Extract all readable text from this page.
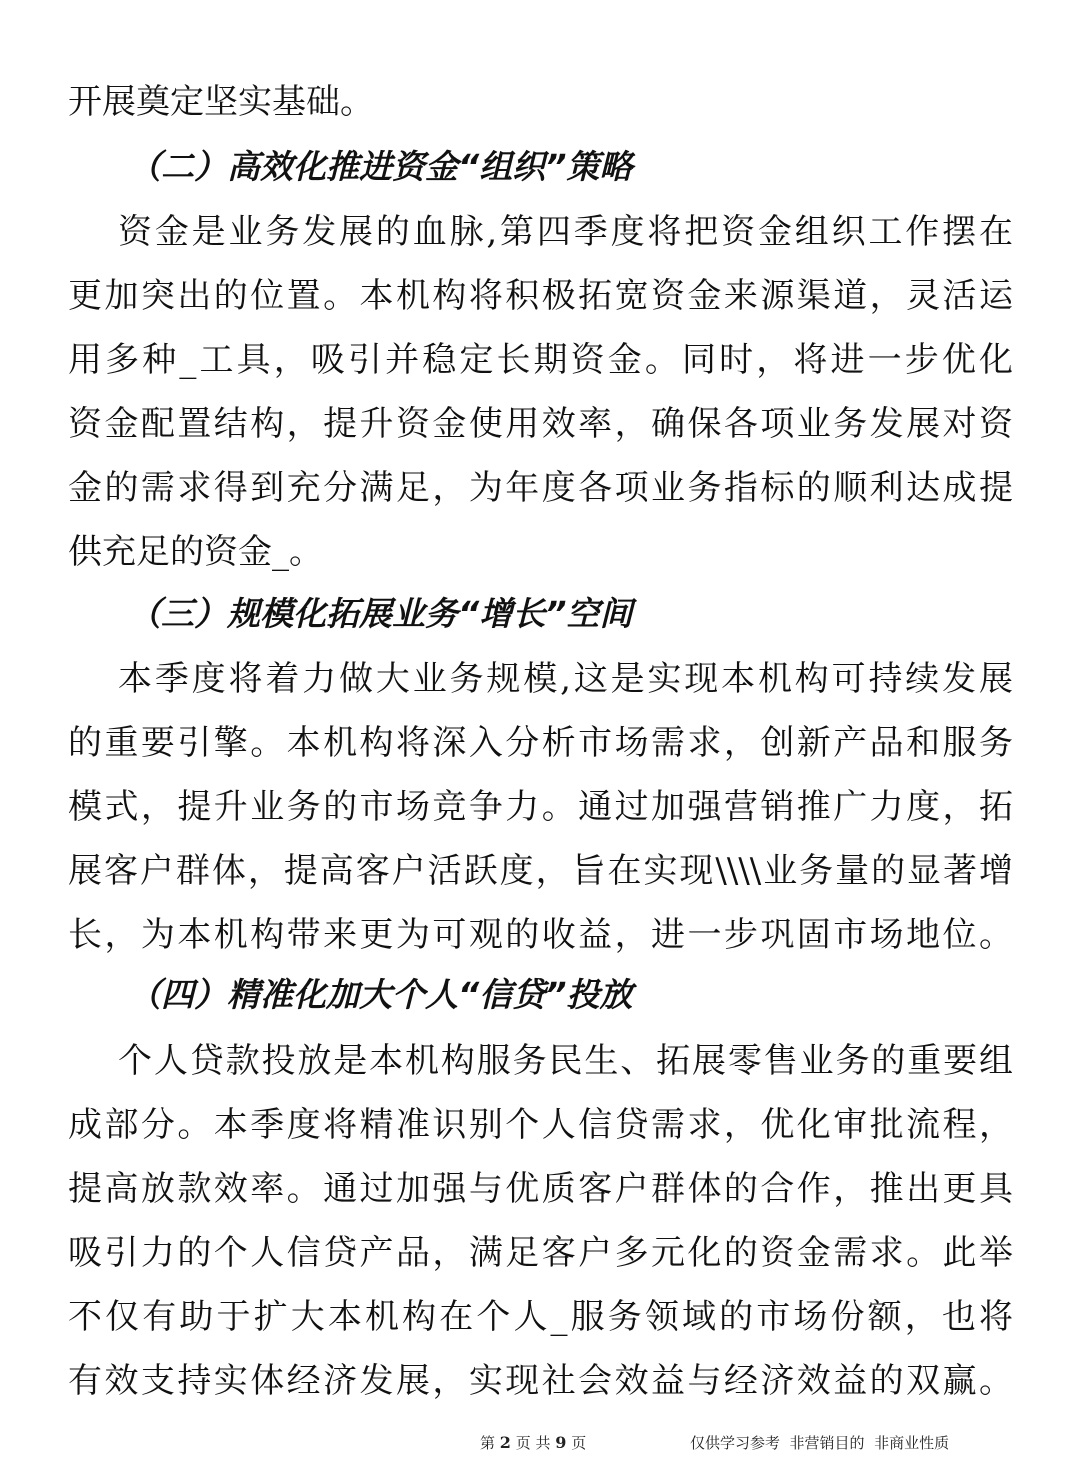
开展奠定坚实基础。
（二）高效化推进资金“组织”策略
资金是业务发展的血脉,第四季度将把资金组织工作摆在
更加突出的位置。本机构将积极拓宽资金来源渠道，灵活运
用多种_工具，吸引并稳定长期资金。同时，将进一步优化
资金配置结构，提升资金使用效率，确保各项业务发展对资
金的需求得到充分满足，为年度各项业务指标的顺利达成提
供充足的资金_。
（三）规模化拓展业务“增长”空间
本季度将着力做大业务规模,这是实现本机构可持续发展
的重要引擎。本机构将深入分析市场需求，创新产品和服务
模式，提升业务的市场竞争力。通过加强营销推广力度，拓
展客户群体，提高客户活跃度，旨在实现\\\\业务量的显著增
长，为本机构带来更为可观的收益，进一步巩固市场地位。
（四）精准化加大个人“信贷”投放
个人贷款投放是本机构服务民生、拓展零售业务的重要组
成部分。本季度将精准识别个人信贷需求，优化审批流程，
提高放款效率。通过加强与优质客户群体的合作，推出更具
吸引力的个人信贷产品，满足客户多元化的资金需求。此举
不仅有助于扩大本机构在个人_服务领域的市场份额，也将
有效支持实体经济发展，实现社会效益与经济效益的双赢。
第 2 页 共 9 页	仅供学习参考  非营销目的  非商业性质
